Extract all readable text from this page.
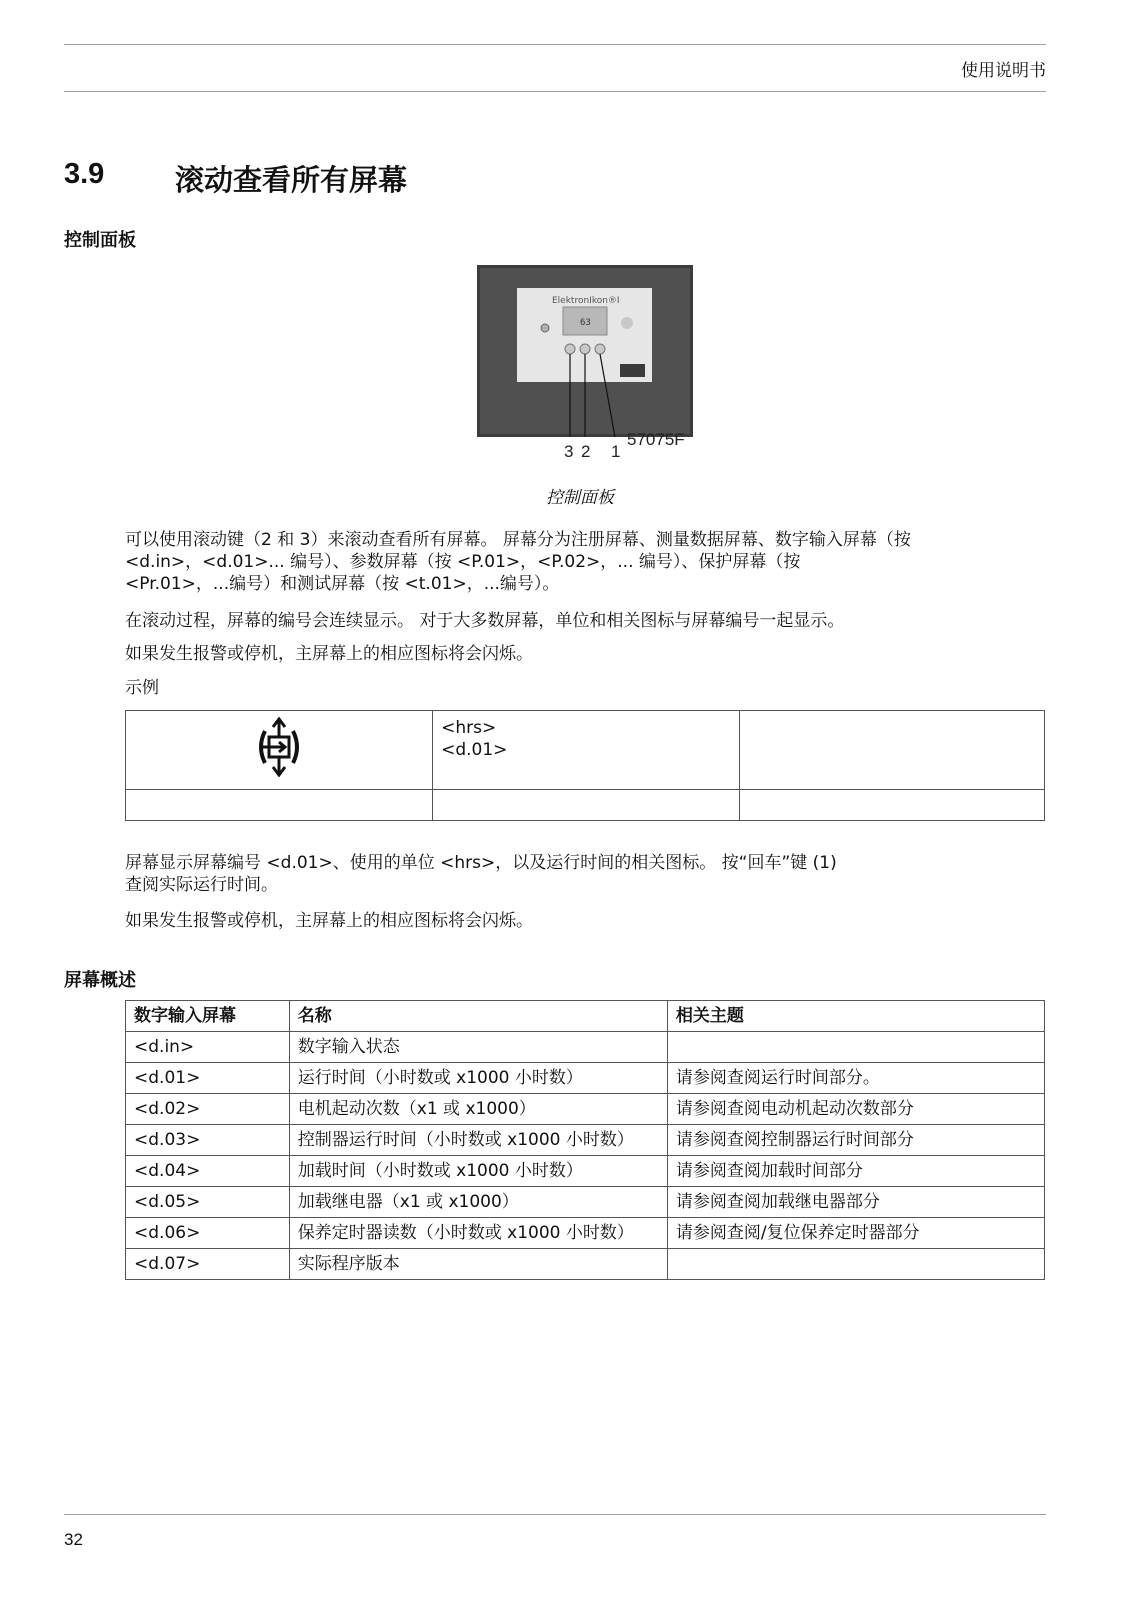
使用说明书
3.9 滚动查看所有屏幕
控制面板
ElektronIkon®I
63
3 2 1
57075F
控制面板
可以使用滚动键（2 和 3）来滚动查看所有屏幕。 屏幕分为注册屏幕、测量数据屏幕、数字输入屏幕（按
<d.in>，<d.01>... 编号）、参数屏幕（按 <P.01>，<P.02>，... 编号）、保护屏幕（按
<Pr.01>，...编号）和测试屏幕（按 <t.01>，...编号）。
在滚动过程，屏幕的编号会连续显示。 对于大多数屏幕，单位和相关图标与屏幕编号一起显示。
如果发生报警或停机，主屏幕上的相应图标将会闪烁。
示例

<hrs>
<d.01>	

屏幕显示屏幕编号 <d.01>、使用的单位 <hrs>，以及运行时间的相关图标。 按“回车”键 (1)
查阅实际运行时间。
如果发生报警或停机，主屏幕上的相应图标将会闪烁。
屏幕概述
数字输入屏幕	名称	相关主题
<d.in>	数字输入状态	
<d.01>	运行时间（小时数或 x1000 小时数）	请参阅查阅运行时间部分。
<d.02>	电机起动次数（x1 或 x1000）	请参阅查阅电动机起动次数部分
<d.03>	控制器运行时间（小时数或 x1000 小时数）	请参阅查阅控制器运行时间部分
<d.04>	加载时间（小时数或 x1000 小时数）	请参阅查阅加载时间部分
<d.05>	加载继电器（x1 或 x1000）	请参阅查阅加载继电器部分
<d.06>	保养定时器读数（小时数或 x1000 小时数）	请参阅查阅/复位保养定时器部分
<d.07>	实际程序版本	
32
